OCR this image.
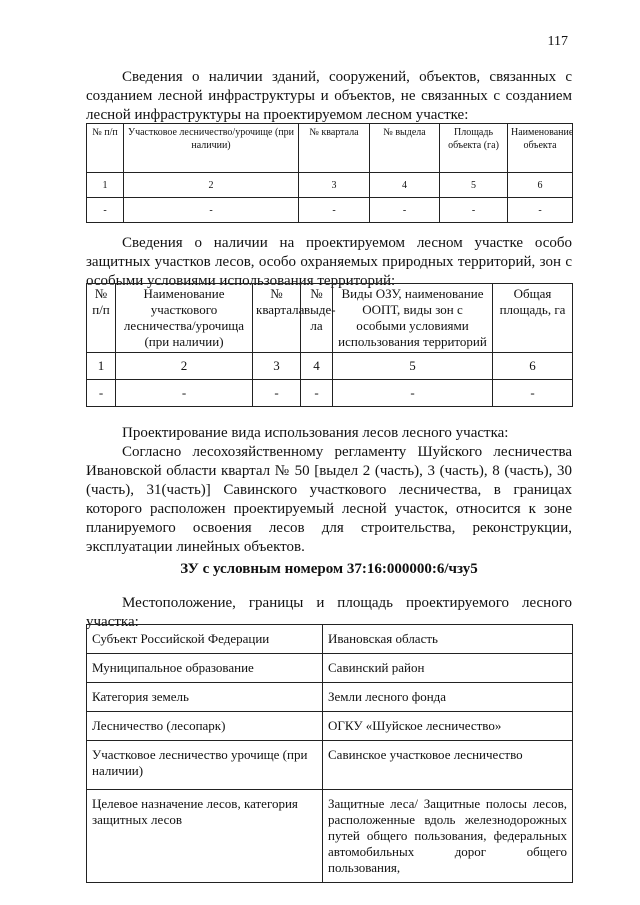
117

Сведения о наличии зданий, сооружений, объектов, связанных с созданием лесной инфраструктуры и объектов, не связанных с созданием лесной инфраструктуры на проектируемом лесном участке:

№ п/п	Участковое лесничество/урочище (при наличии)	№ квартала	№ выдела	Площадь объекта (га)	Наименование объекта
1	2	3	4	5	6
-	-	-	-	-	-

Сведения о наличии на проектируемом лесном участке особо защитных участков лесов, особо охраняемых природных территорий, зон с особыми условиями использования территорий:

№ п/п	Наименование участкового лесничества/урочища (при наличии)	№ квартала	№ выде-ла	Виды ОЗУ, наименование ООПТ, виды зон с особыми условиями использования территорий	Общая площадь, га
1	2	3	4	5	6
-	-	-	-	-	-

Проектирование вида использования лесов лесного участка:

Согласно лесохозяйственному регламенту Шуйского лесничества Ивановской области квартал № 50 [выдел 2 (часть), 3 (часть), 8 (часть), 30 (часть), 31(часть)] Савинского участкового лесничества, в границах которого расположен проектируемый лесной участок, относится к зоне планируемого освоения лесов для строительства, реконструкции, эксплуатации линейных объектов.

ЗУ с условным номером 37:16:000000:6/чзу5

Местоположение, границы и площадь проектируемого лесного участка:

Субъект Российской Федерации	Ивановская область
Муниципальное образование	Савинский район
Категория земель	Земли лесного фонда
Лесничество (лесопарк)	ОГКУ «Шуйское лесничество»
Участковое лесничество урочище (при наличии)	Савинское участковое лесничество
Целевое назначение лесов, категория защитных лесов	Защитные леса/ Защитные полосы лесов, расположенные вдоль железнодорожных путей общего пользования, федеральных автомобильных дорог общего пользования,
